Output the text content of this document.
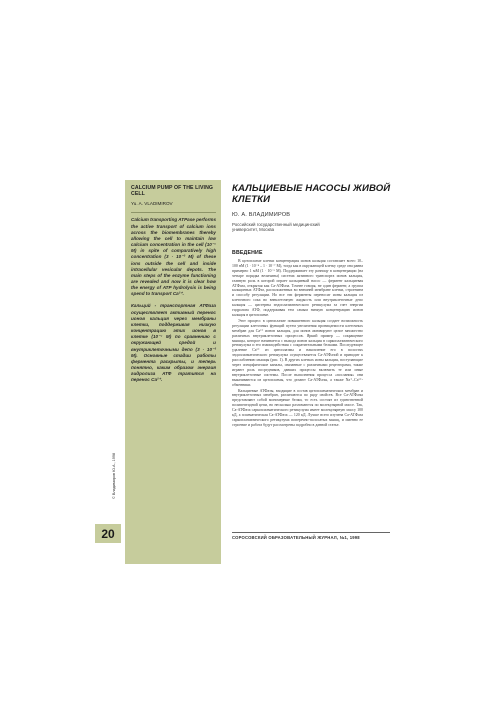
CALCIUM PUMP OF THE LIVING CELL
Yu. A. VLADIMIROV
Calcium transporting ATPase performs the active transport of calcium ions across the biomembranes thereby allowing the cell to maintain low calcium concentration in the cell (10⁻⁷ M) in spite of comparatively high concentration (3 · 10⁻³ M) of these ions outside the cell and inside intracellular vesicular depots. The main steps of the enzyme functioning are revealed and now it is clear how the energy of ATP hydrolysis is being spend to transport Ca²⁺.
Кальций - транспортная АТФаза осуществляет активный перенос ионов кальция через мембраны клетки, поддерживая низкую концентрацию этих ионов в клетке (10⁻⁷ М) по сравнению с окружающей средой и внутриклеточными депо (3 · 10⁻³ М). Основные стадии работы фермента раскрыты, и теперь понятно, каким образом энергия гидролиза АТФ тратится на перенос Ca²⁺.
© Владимиров Ю.А., 1998
20
КАЛЬЦИЕВЫЕ НАСОСЫ ЖИВОЙ КЛЕТКИ
Ю. А. ВЛАДИМИРОВ
Российский государственный медицинский университет, Москва
ВВЕДЕНИЕ

В цитоплазме клетки концентрация ионов кальция составляет всего 10–100 нМ (1 · 10⁻⁸ – 1 · 10⁻⁷ М), тогда как в окружающей клетку среде она равна примерно 1 мМ (1 · 10⁻³ М). Поддерживает эту разницу в концентрации (на четыре порядка величины) система активного транспорта ионов кальция, главную роль в которой играет кальциевый насос — фермент кальциевая АТФаза, открытая как Ca-АТФаза. Точнее говоря, не один фермент, а группа кальциевых АТФаз, расположенных во внешней мембране клетки, строением и способу регуляции. Но все эти ферменты переносят ионы кальция из клеточного сока во внеклеточную жидкость или внутриклеточные депо кальция — цистерны эндоплазматического ретикулума за счет энергии гидролиза АТФ, поддерживая тем самым низкую концентрацию ионов кальция в цитоплазме.

Этот процесс в цитоплазме повышенного кальция создает возможность регуляции клеточных функций путем увеличения проницаемости клеточных мембран для Ca²⁺ ионов кальция, для ионов активируют целое множество различных внутриклеточных процессов. Яркий пример — сокращение мышцы, которое начинается с выхода ионов кальция в саркоплазматического ретикулума и его взаимодействия с сократительными белками. Последующее удаление Ca²⁺ из цитоплазмы и накопление его в полостях эндоплазматического ретикулума осуществляется Ca-АТФазой и приводит к расслаблению мышцы (рис. 1). В других клетках ионы кальция, поступающие через специфические каналы, связанные с различными рецепторами, также играют роль посредников, давших процессы включить те или иные внутриклеточные системы. После выполнения процесса «послания» они выкачиваются из цитоплазмы, что делают Ca-АТФазы, а также Na⁺–Ca²⁺-обменники.

Кальциевые АТФазы, входящие в состав цитоплазматических мембран и внутриклеточных мембран, различаются по ряду свойств. Все Ca-АТФазы представляют собой мономерные белки, то есть состоят из единственной полипептидной цепи, но несколько различаются по молекулярной массе. Так, Ca-АТФаза саркоплазматического ретикулума имеет молекулярную массу 100 кД, а плазматическая Ca-АТФаза — 120 кД. Лучше всего изучена Ca-АТФаза саркоплазматического ретикулума поперечно-полосатых мышц, и именно ее строение и работа будут рассмотрены подробно в данной статье.

СОРОСОВСКИЙ ОБРАЗОВАТЕЛЬНЫЙ ЖУРНАЛ, №1, 1998
